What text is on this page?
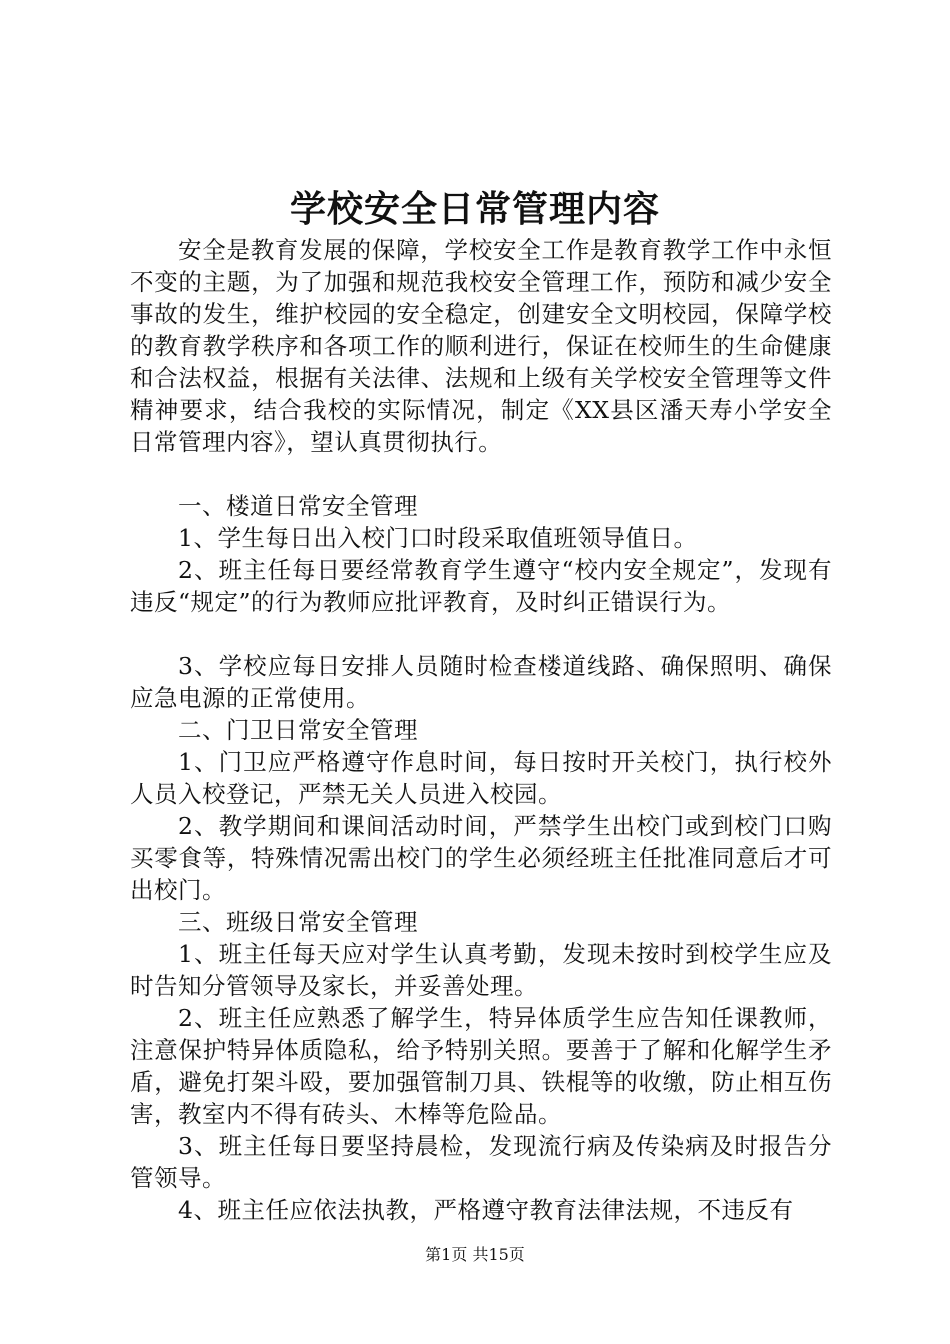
学校安全日常管理内容

安全是教育发展的保障，学校安全工作是教育教学工作中永恒不变的主题，为了加强和规范我校安全管理工作，预防和减少安全事故的发生，维护校园的安全稳定，创建安全文明校园，保障学校的教育教学秩序和各项工作的顺利进行，保证在校师生的生命健康和合法权益，根据有关法律、法规和上级有关学校安全管理等文件精神要求，结合我校的实际情况，制定《XX县区潘天寿小学安全日常管理内容》，望认真贯彻执行。

一、楼道日常安全管理

1、学生每日出入校门口时段采取值班领导值日。

2、班主任每日要经常教育学生遵守“校内安全规定”，发现有违反“规定”的行为教师应批评教育，及时纠正错误行为。

3、学校应每日安排人员随时检查楼道线路、确保照明、确保应急电源的正常使用。

二、门卫日常安全管理

1、门卫应严格遵守作息时间，每日按时开关校门，执行校外人员入校登记，严禁无关人员进入校园。

2、教学期间和课间活动时间，严禁学生出校门或到校门口购买零食等，特殊情况需出校门的学生必须经班主任批准同意后才可出校门。

三、班级日常安全管理

1、班主任每天应对学生认真考勤，发现未按时到校学生应及时告知分管领导及家长，并妥善处理。

2、班主任应熟悉了解学生，特异体质学生应告知任课教师，注意保护特异体质隐私，给予特别关照。要善于了解和化解学生矛盾，避免打架斗殴，要加强管制刀具、铁棍等的收缴，防止相互伤害，教室内不得有砖头、木棒等危险品。

3、班主任每日要坚持晨检，发现流行病及传染病及时报告分管领导。

4、班主任应依法执教，严格遵守教育法律法规，不违反有

第1页 共15页
